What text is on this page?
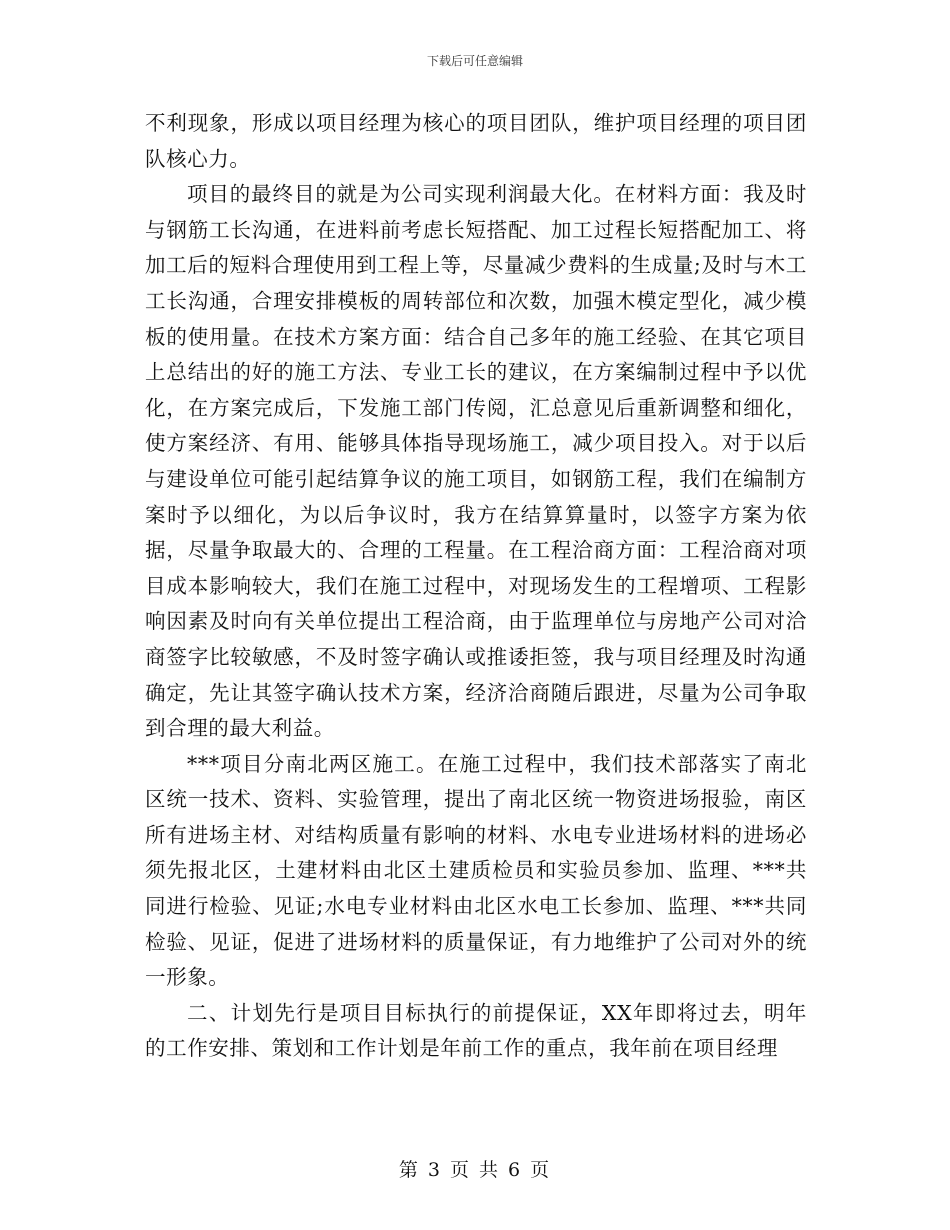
下载后可任意编辑

不利现象，形成以项目经理为核心的项目团队，维护项目经理的项目团队核心力。

项目的最终目的就是为公司实现利润最大化。在材料方面：我及时与钢筋工长沟通，在进料前考虑长短搭配、加工过程长短搭配加工、将加工后的短料合理使用到工程上等，尽量减少费料的生成量;及时与木工工长沟通，合理安排模板的周转部位和次数，加强木模定型化，减少模板的使用量。在技术方案方面：结合自己多年的施工经验、在其它项目上总结出的好的施工方法、专业工长的建议，在方案编制过程中予以优化，在方案完成后，下发施工部门传阅，汇总意见后重新调整和细化，使方案经济、有用、能够具体指导现场施工，减少项目投入。对于以后与建设单位可能引起结算争议的施工项目，如钢筋工程，我们在编制方案时予以细化，为以后争议时，我方在结算算量时，以签字方案为依据，尽量争取最大的、合理的工程量。在工程洽商方面：工程洽商对项目成本影响较大，我们在施工过程中，对现场发生的工程增项、工程影响因素及时向有关单位提出工程洽商，由于监理单位与房地产公司对洽商签字比较敏感，不及时签字确认或推诿拒签，我与项目经理及时沟通确定，先让其签字确认技术方案，经济洽商随后跟进，尽量为公司争取到合理的最大利益。

***项目分南北两区施工。在施工过程中，我们技术部落实了南北区统一技术、资料、实验管理，提出了南北区统一物资进场报验，南区所有进场主材、对结构质量有影响的材料、水电专业进场材料的进场必须先报北区，土建材料由北区土建质检员和实验员参加、监理、***共同进行检验、见证;水电专业材料由北区水电工长参加、监理、***共同检验、见证，促进了进场材料的质量保证，有力地维护了公司对外的统一形象。

二、计划先行是项目目标执行的前提保证，XX年即将过去，明年的工作安排、策划和工作计划是年前工作的重点，我年前在项目经理

第 3 页 共 6 页
